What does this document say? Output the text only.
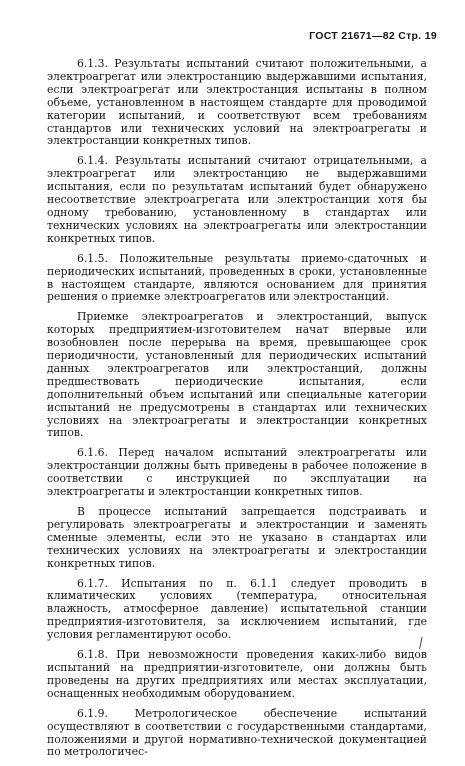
ГОСТ 21671—82 Стр. 19

6.1.3. Результаты испытаний считают положительными, а электроагрегат или электростанцию выдержавшими испытания, если электроагрегат или электростанция испытаны в полном объеме, установленном в настоящем стандарте для проводимой категории испытаний, и соответствуют всем требованиям стандартов или технических условий на электроагрегаты и электростанции конкретных типов.

6.1.4. Результаты испытаний считают отрицательными, а электроагрегат или электростанцию не выдержавшими испытания, если по результатам испытаний будет обнаружено несоответствие электроагрегата или электростанции хотя бы одному требованию, установленному в стандартах или технических условиях на электроагрегаты или электростанции конкретных типов.

6.1.5. Положительные результаты приемо-сдаточных и периодических испытаний, проведенных в сроки, установленные в настоящем стандарте, являются основанием для принятия решения о приемке электроагрегатов или электростанций.

Приемке электроагрегатов и электростанций, выпуск которых предприятием-изготовителем начат впервые или возобновлен после перерыва на время, превышающее срок периодичности, установленный для периодических испытаний данных электроагрегатов или электростанций, должны предшествовать периодические испытания, если дополнительный объем испытаний или специальные категории испытаний не предусмотрены в стандартах или технических условиях на электроагрегаты и электростанции конкретных типов.

6.1.6. Перед началом испытаний электроагрегаты или электростанции должны быть приведены в рабочее положение в соответствии с инструкцией по эксплуатации на электроагрегаты и электростанции конкретных типов.

В процессе испытаний запрещается подстраивать и регулировать электроагрегаты и электростанции и заменять сменные элементы, если это не указано в стандартах или технических условиях на электроагрегаты и электростанции конкретных типов.

6.1.7. Испытания по п. 6.1.1 следует проводить в климатических условиях (температура, относительная влажность, атмосферное давление) испытательной станции предприятия-изготовителя, за исключением испытаний, где условия регламентируют особо.

6.1.8. При невозможности проведения каких-либо видов испытаний на предприятии-изготовителе, они должны быть проведены на других предприятиях или местах эксплуатации, оснащенных необходимым оборудованием.

6.1.9. Метрологическое обеспечение испытаний осуществляют в соответствии с государственными стандартами, положениями и другой нормативно-технической документацией по метрологичес-

⁄
